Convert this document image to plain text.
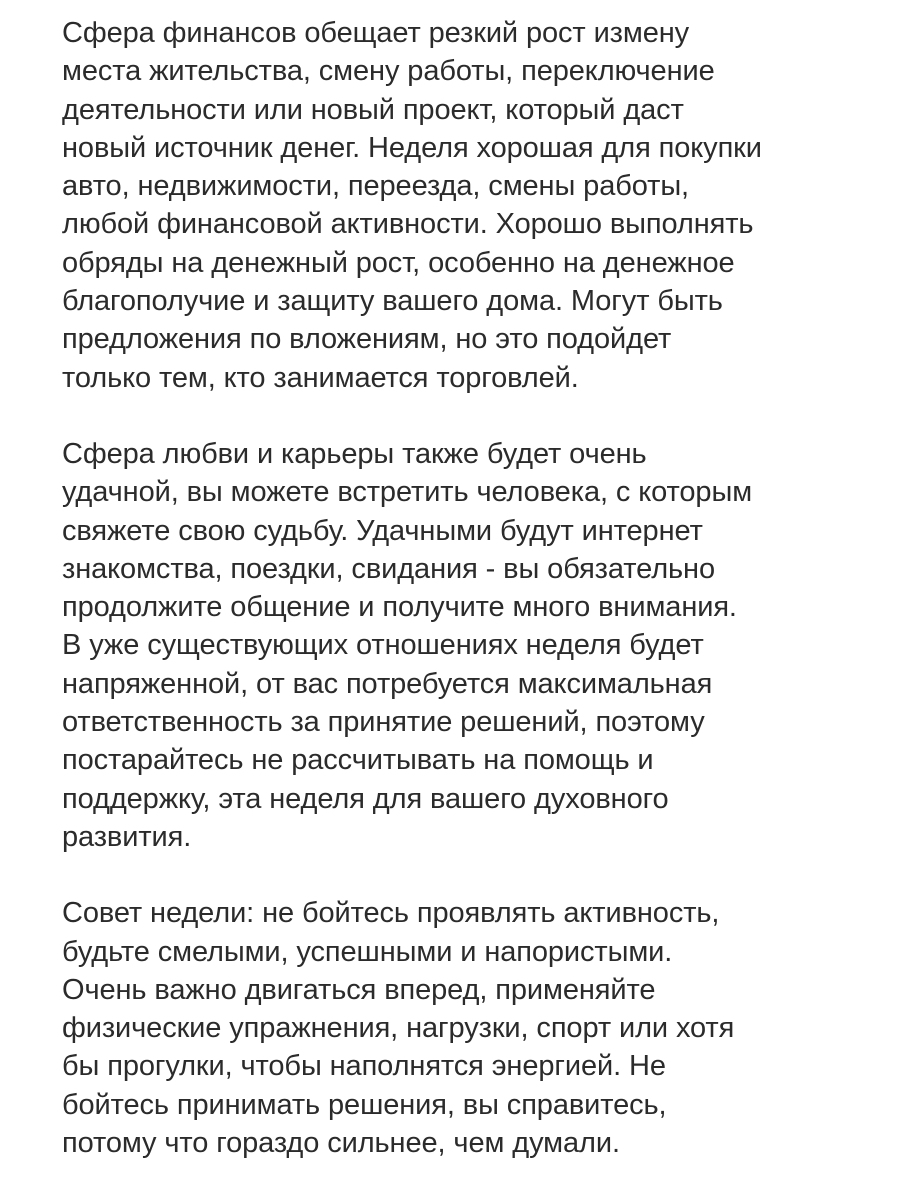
Сфера финансов обещает резкий рост измену
места жительства, смену работы, переключение
деятельности или новый проект, который даст
новый источник денег. Неделя хорошая для покупки
авто, недвижимости, переезда, смены работы,
любой финансовой активности. Хорошо выполнять
обряды на денежный рост, особенно на денежное
благополучие и защиту вашего дома. Могут быть
предложения по вложениям, но это подойдет
только тем, кто занимается торговлей.

Сфера любви и карьеры также будет очень
удачной, вы можете встретить человека, с которым
свяжете свою судьбу. Удачными будут интернет
знакомства, поездки, свидания - вы обязательно
продолжите общение и получите много внимания.
В уже существующих отношениях неделя будет
напряженной, от вас потребуется максимальная
ответственность за принятие решений, поэтому
постарайтесь не рассчитывать на помощь и
поддержку, эта неделя для вашего духовного
развития.

Совет недели: не бойтесь проявлять активность,
будьте смелыми, успешными и напористыми.
Очень важно двигаться вперед, применяйте
физические упражнения, нагрузки, спорт или хотя
бы прогулки, чтобы наполнятся энергией. Не
бойтесь принимать решения, вы справитесь,
потому что гораздо сильнее, чем думали.
